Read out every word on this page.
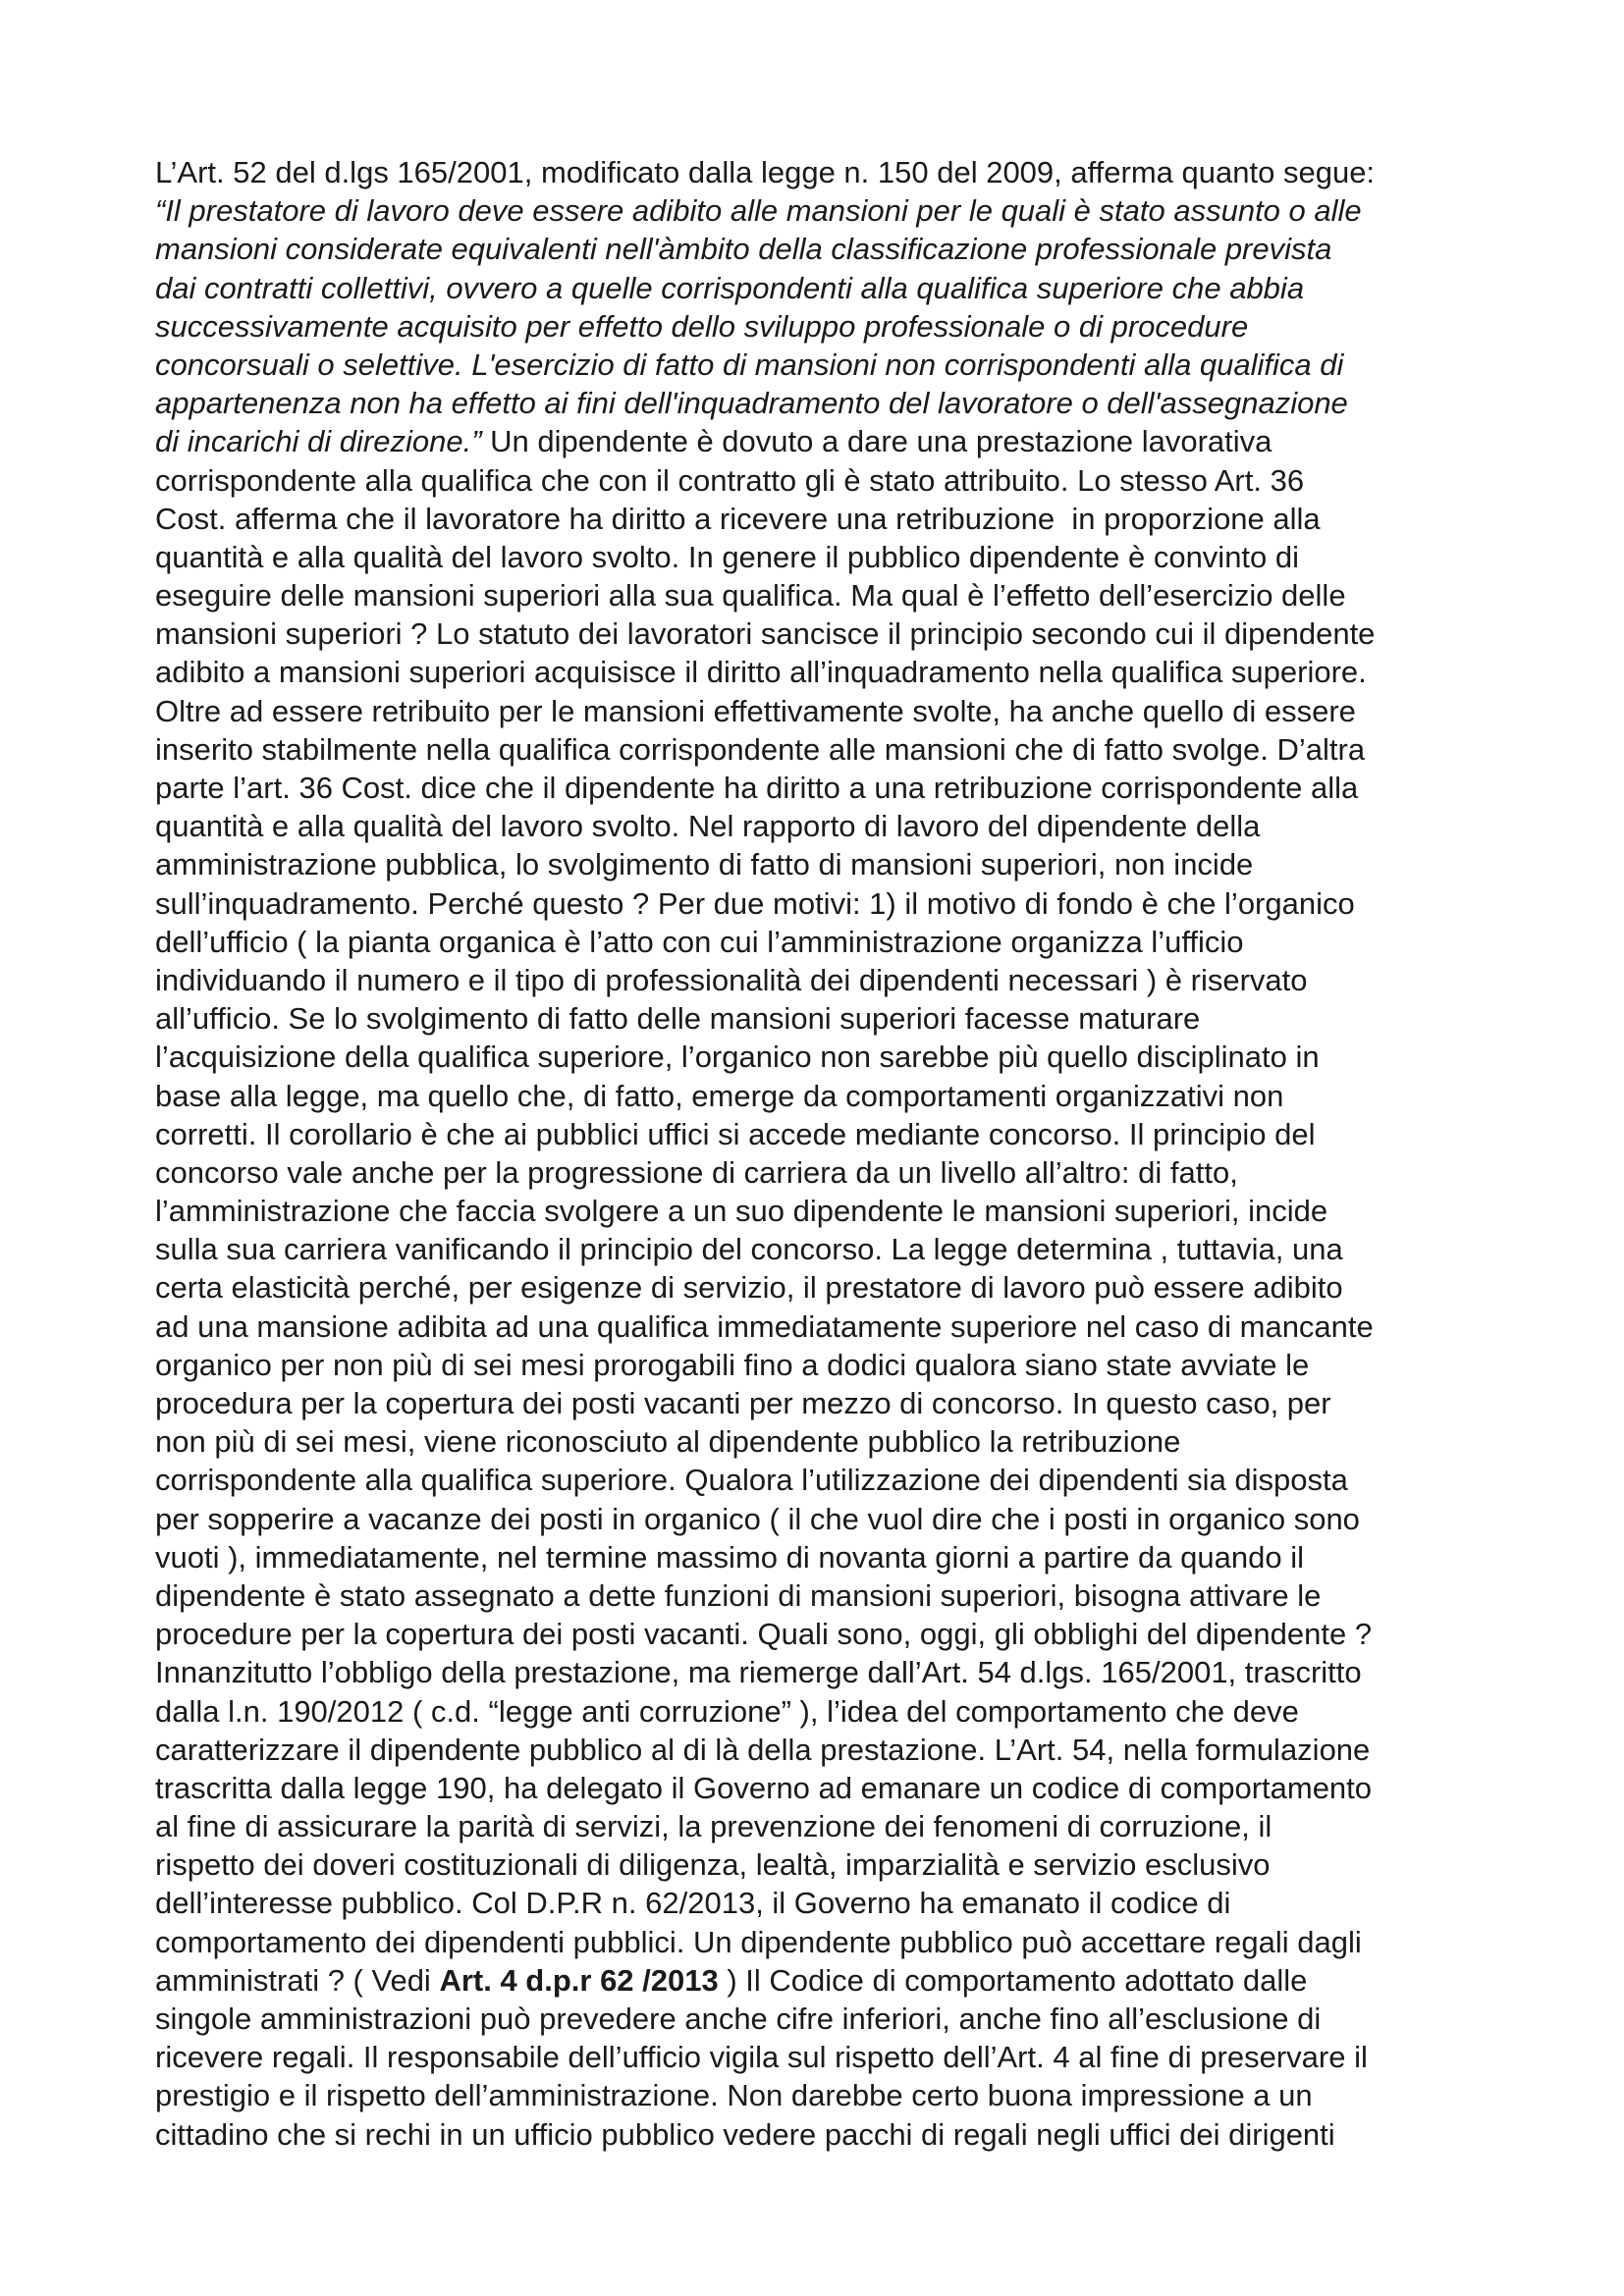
L’Art. 52 del d.lgs 165/2001, modificato dalla legge n. 150 del 2009, afferma quanto segue:
“Il prestatore di lavoro deve essere adibito alle mansioni per le quali è stato assunto o alle
mansioni considerate equivalenti nell'àmbito della classificazione professionale prevista
dai contratti collettivi, ovvero a quelle corrispondenti alla qualifica superiore che abbia
successivamente acquisito per effetto dello sviluppo professionale o di procedure
concorsuali o selettive. L'esercizio di fatto di mansioni non corrispondenti alla qualifica di
appartenenza non ha effetto ai fini dell'inquadramento del lavoratore o dell'assegnazione
di incarichi di direzione.” Un dipendente è dovuto a dare una prestazione lavorativa
corrispondente alla qualifica che con il contratto gli è stato attribuito. Lo stesso Art. 36
Cost. afferma che il lavoratore ha diritto a ricevere una retribuzione  in proporzione alla
quantità e alla qualità del lavoro svolto. In genere il pubblico dipendente è convinto di
eseguire delle mansioni superiori alla sua qualifica. Ma qual è l’effetto dell’esercizio delle
mansioni superiori ? Lo statuto dei lavoratori sancisce il principio secondo cui il dipendente
adibito a mansioni superiori acquisisce il diritto all’inquadramento nella qualifica superiore.
Oltre ad essere retribuito per le mansioni effettivamente svolte, ha anche quello di essere
inserito stabilmente nella qualifica corrispondente alle mansioni che di fatto svolge. D’altra
parte l’art. 36 Cost. dice che il dipendente ha diritto a una retribuzione corrispondente alla
quantità e alla qualità del lavoro svolto. Nel rapporto di lavoro del dipendente della
amministrazione pubblica, lo svolgimento di fatto di mansioni superiori, non incide
sull’inquadramento. Perché questo ? Per due motivi: 1) il motivo di fondo è che l’organico
dell’ufficio ( la pianta organica è l’atto con cui l’amministrazione organizza l’ufficio
individuando il numero e il tipo di professionalità dei dipendenti necessari ) è riservato
all’ufficio. Se lo svolgimento di fatto delle mansioni superiori facesse maturare
l’acquisizione della qualifica superiore, l’organico non sarebbe più quello disciplinato in
base alla legge, ma quello che, di fatto, emerge da comportamenti organizzativi non
corretti. Il corollario è che ai pubblici uffici si accede mediante concorso. Il principio del
concorso vale anche per la progressione di carriera da un livello all’altro: di fatto,
l’amministrazione che faccia svolgere a un suo dipendente le mansioni superiori, incide
sulla sua carriera vanificando il principio del concorso. La legge determina , tuttavia, una
certa elasticità perché, per esigenze di servizio, il prestatore di lavoro può essere adibito
ad una mansione adibita ad una qualifica immediatamente superiore nel caso di mancante
organico per non più di sei mesi prorogabili fino a dodici qualora siano state avviate le
procedura per la copertura dei posti vacanti per mezzo di concorso. In questo caso, per
non più di sei mesi, viene riconosciuto al dipendente pubblico la retribuzione
corrispondente alla qualifica superiore. Qualora l’utilizzazione dei dipendenti sia disposta
per sopperire a vacanze dei posti in organico ( il che vuol dire che i posti in organico sono
vuoti ), immediatamente, nel termine massimo di novanta giorni a partire da quando il
dipendente è stato assegnato a dette funzioni di mansioni superiori, bisogna attivare le
procedure per la copertura dei posti vacanti. Quali sono, oggi, gli obblighi del dipendente ?
Innanzitutto l’obbligo della prestazione, ma riemerge dall’Art. 54 d.lgs. 165/2001, trascritto
dalla l.n. 190/2012 ( c.d. “legge anti corruzione” ), l’idea del comportamento che deve
caratterizzare il dipendente pubblico al di là della prestazione. L’Art. 54, nella formulazione
trascritta dalla legge 190, ha delegato il Governo ad emanare un codice di comportamento
al fine di assicurare la parità di servizi, la prevenzione dei fenomeni di corruzione, il
rispetto dei doveri costituzionali di diligenza, lealtà, imparzialità e servizio esclusivo
dell’interesse pubblico. Col D.P.R n. 62/2013, il Governo ha emanato il codice di
comportamento dei dipendenti pubblici. Un dipendente pubblico può accettare regali dagli
amministrati ? ( Vedi Art. 4 d.p.r 62 /2013 ) Il Codice di comportamento adottato dalle
singole amministrazioni può prevedere anche cifre inferiori, anche fino all’esclusione di
ricevere regali. Il responsabile dell’ufficio vigila sul rispetto dell’Art. 4 al fine di preservare il
prestigio e il rispetto dell’amministrazione. Non darebbe certo buona impressione a un
cittadino che si rechi in un ufficio pubblico vedere pacchi di regali negli uffici dei dirigenti
